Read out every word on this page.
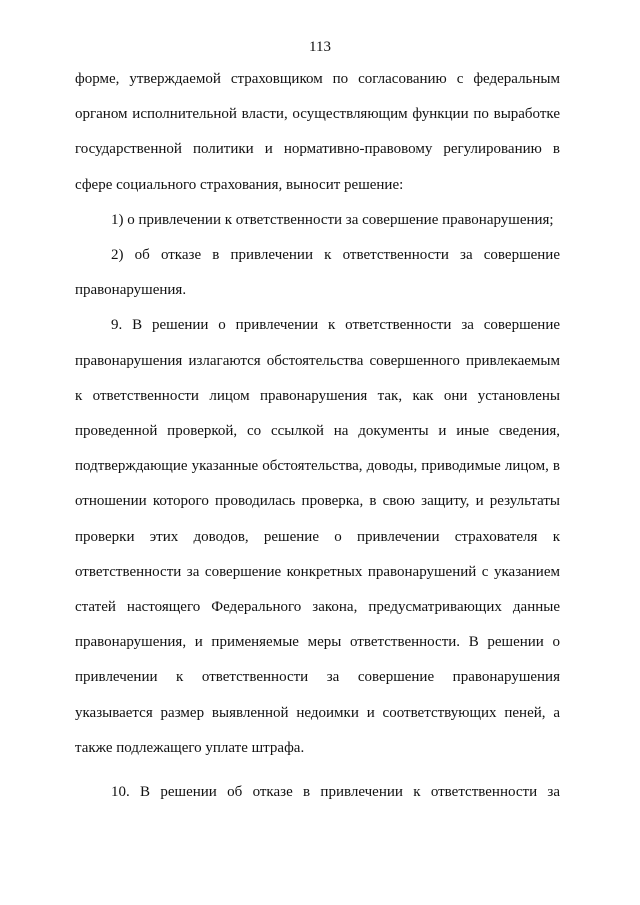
113

форме, утверждаемой страховщиком по согласованию с федеральным

органом исполнительной власти, осуществляющим функции по выработке

государственной политики и нормативно-правовому регулированию в

сфере социального страхования, выносит решение:

1) о привлечении к ответственности за совершение правонарушения;

2) об отказе в привлечении к ответственности за совершение

правонарушения.

9. В решении о привлечении к ответственности за совершение

правонарушения излагаются обстоятельства совершенного привлекаемым

к ответственности лицом правонарушения так, как они установлены

проведенной проверкой, со ссылкой на документы и иные сведения,

подтверждающие указанные обстоятельства, доводы, приводимые лицом, в

отношении которого проводилась проверка, в свою защиту, и результаты

проверки этих доводов, решение о привлечении страхователя к

ответственности за совершение конкретных правонарушений с указанием

статей настоящего Федерального закона, предусматривающих данные

правонарушения, и применяемые меры ответственности. В решении о

привлечении к ответственности за совершение правонарушения

указывается размер выявленной недоимки и соответствующих пеней, а

также подлежащего уплате штрафа.

10. В решении об отказе в привлечении к ответственности за
